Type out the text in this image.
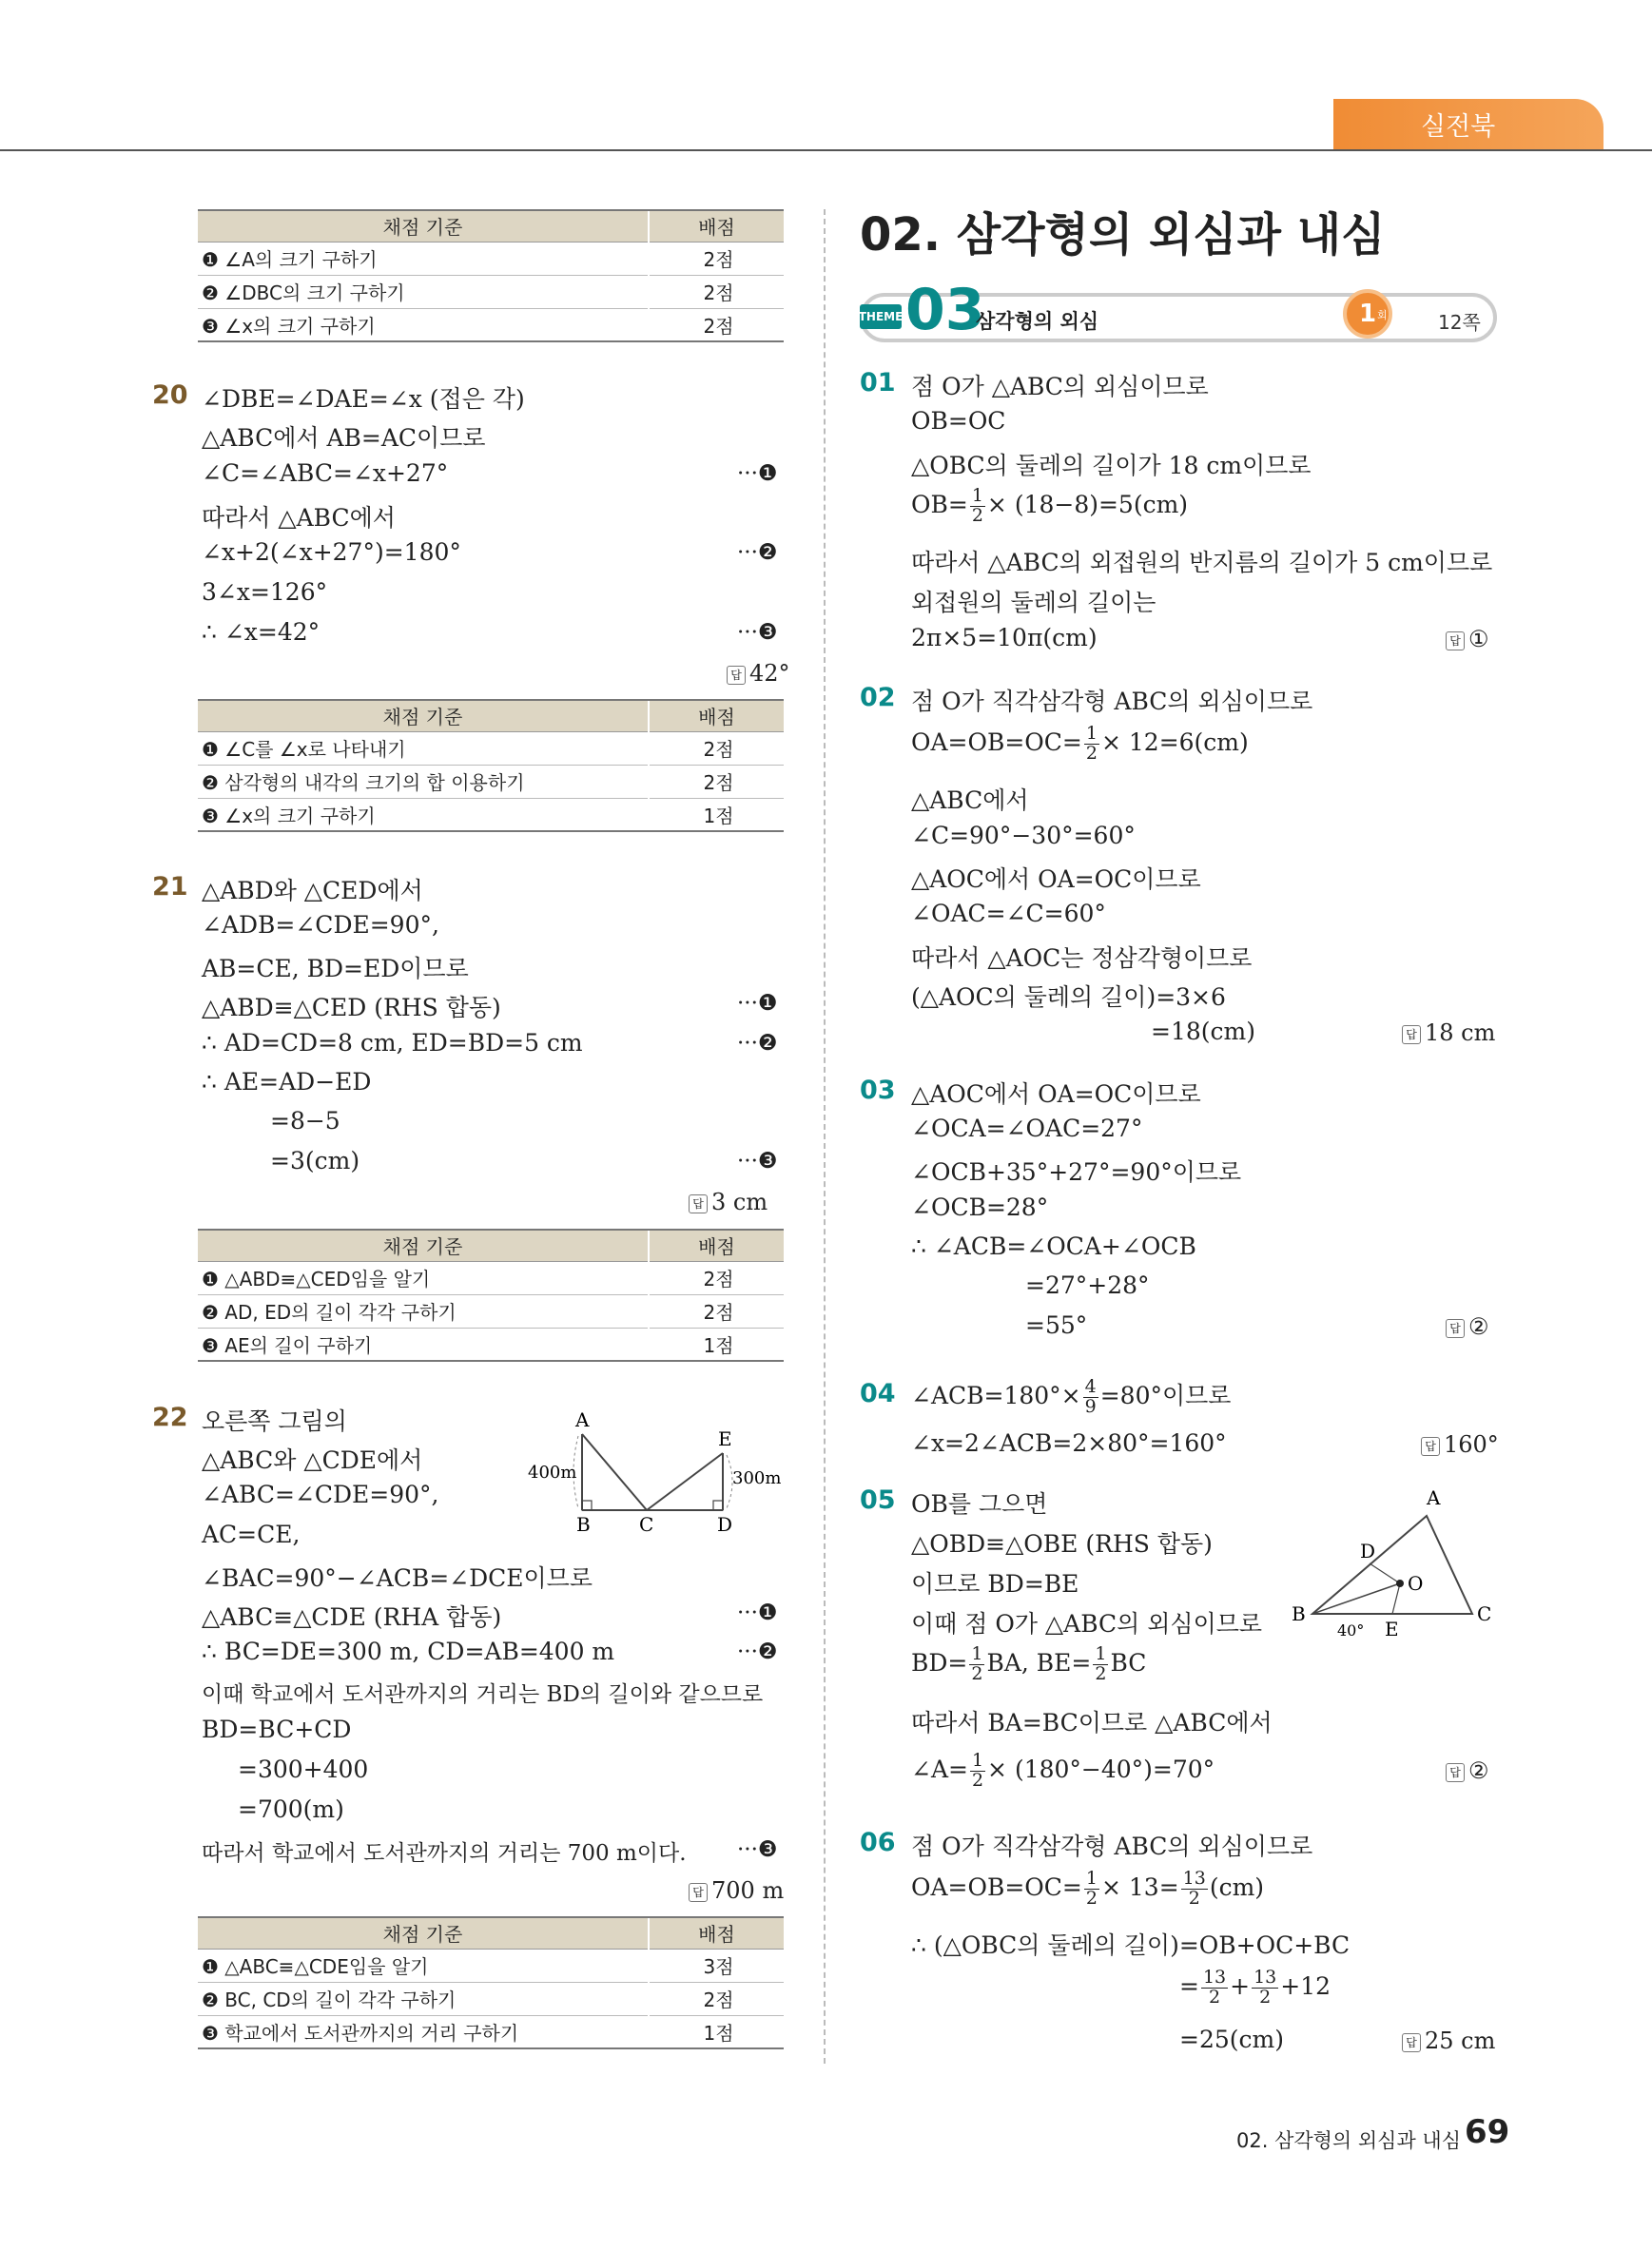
실전북
채점 기준	배점
❶ ∠A의 크기 구하기	2점
❷ ∠DBC의 크기 구하기	2점
❸ ∠x의 크기 구하기	2점
20 ∠DBE=∠DAE=∠x (접은 각)
△ABC에서 AB=AC이므로
∠C=∠ABC=∠x+27°	···❶
따라서 △ABC에서
∠x+2(∠x+27°)=180°	···❷
3∠x=126°
∴ ∠x=42°	···❸
답 42°
채점 기준	배점
❶ ∠C를 ∠x로 나타내기	2점
❷ 삼각형의 내각의 크기의 합 이용하기	2점
❸ ∠x의 크기 구하기	1점
21 △ABD와 △CED에서
∠ADB=∠CDE=90°,
AB=CE, BD=ED이므로
△ABD≡△CED (RHS 합동)	···❶
∴ AD=CD=8 cm, ED=BD=5 cm	···❷
∴ AE=AD−ED
=8−5
=3(cm)	···❸
답 3 cm
채점 기준	배점
❶ △ABD≡△CED임을 알기	2점
❷ AD, ED의 길이 각각 구하기	2점
❸ AE의 길이 구하기	1점
22 오른쪽 그림의
△ABC와 △CDE에서
∠ABC=∠CDE=90°,
AC=CE,
∠BAC=90°−∠ACB=∠DCE이므로
△ABC≡△CDE (RHA 합동)	···❶
∴ BC=DE=300 m, CD=AB=400 m	···❷
이때 학교에서 도서관까지의 거리는 BD의 길이와 같으므로
BD=BC+CD
=300+400
=700(m)
따라서 학교에서 도서관까지의 거리는 700 m이다. ···❸
답 700 m
A
E
B	C	D
400m	300m
채점 기준	배점
❶ △ABC≡△CDE임을 알기	3점
❷ BC, CD의 길이 각각 구하기	2점
❸ 학교에서 도서관까지의 거리 구하기	1점
02. 삼각형의 외심과 내심
THEME 03
삼각형의 외심	1 회	12쪽
01 점 O가 △ABC의 외심이므로
OB=OC
△OBC의 둘레의 길이가 18 cm이므로
$OB= \frac{1}{2} \times (18-8)=5(cm)$
따라서 △ABC의 외접원의 반지름의 길이가 5 cm이므로
외접원의 둘레의 길이는
2π×5=10π(cm)	답 ①
02 점 O가 직각삼각형 ABC의 외심이므로
$OA=OB=OC= \frac{1}{2} \times 12=6(cm)$
△ABC에서
∠C=90°−30°=60°
△AOC에서 OA=OC이므로
∠OAC=∠C=60°
따라서 △AOC는 정삼각형이므로
(△AOC의 둘레의 길이)=3×6
=18(cm)	답 18 cm
03 △AOC에서 OA=OC이므로
∠OCA=∠OAC=27°
∠OCB+35°+27°=90°이므로
∠OCB=28°
∴ ∠ACB=∠OCA+∠OCB
=27°+28°
=55°	답 ②
04 ∠ACB=180°× $\frac{4}{9} =80^\circ$이므로
∠x=2∠ACB=2×80°=160°	답 160°
05 OB를 그으면
△OBD≡△OBE (RHS 합동)
이므로 BD=BE
이때 점 O가 △ABC의 외심이므로
$BD= \frac{1}{2}$ BA, $BE= \frac{1}{2}$ BC
따라서 BA=BC이므로 △ABC에서
∠A= $\frac{1}{2} \times (180^\circ-40^\circ)=70^\circ$	답 ②
A
B	C
D
E
O
40°
06 점 O가 직각삼각형 ABC의 외심이므로
$OA=OB=OC= \frac{1}{2} \times 13= \frac{13}{2} (cm)$
∴ (△OBC의 둘레의 길이)=OB+OC+BC
= $\frac{13}{2} + \frac{13}{2} +12$
=25(cm)	답 25 cm
02. 삼각형의 외심과 내심 69
